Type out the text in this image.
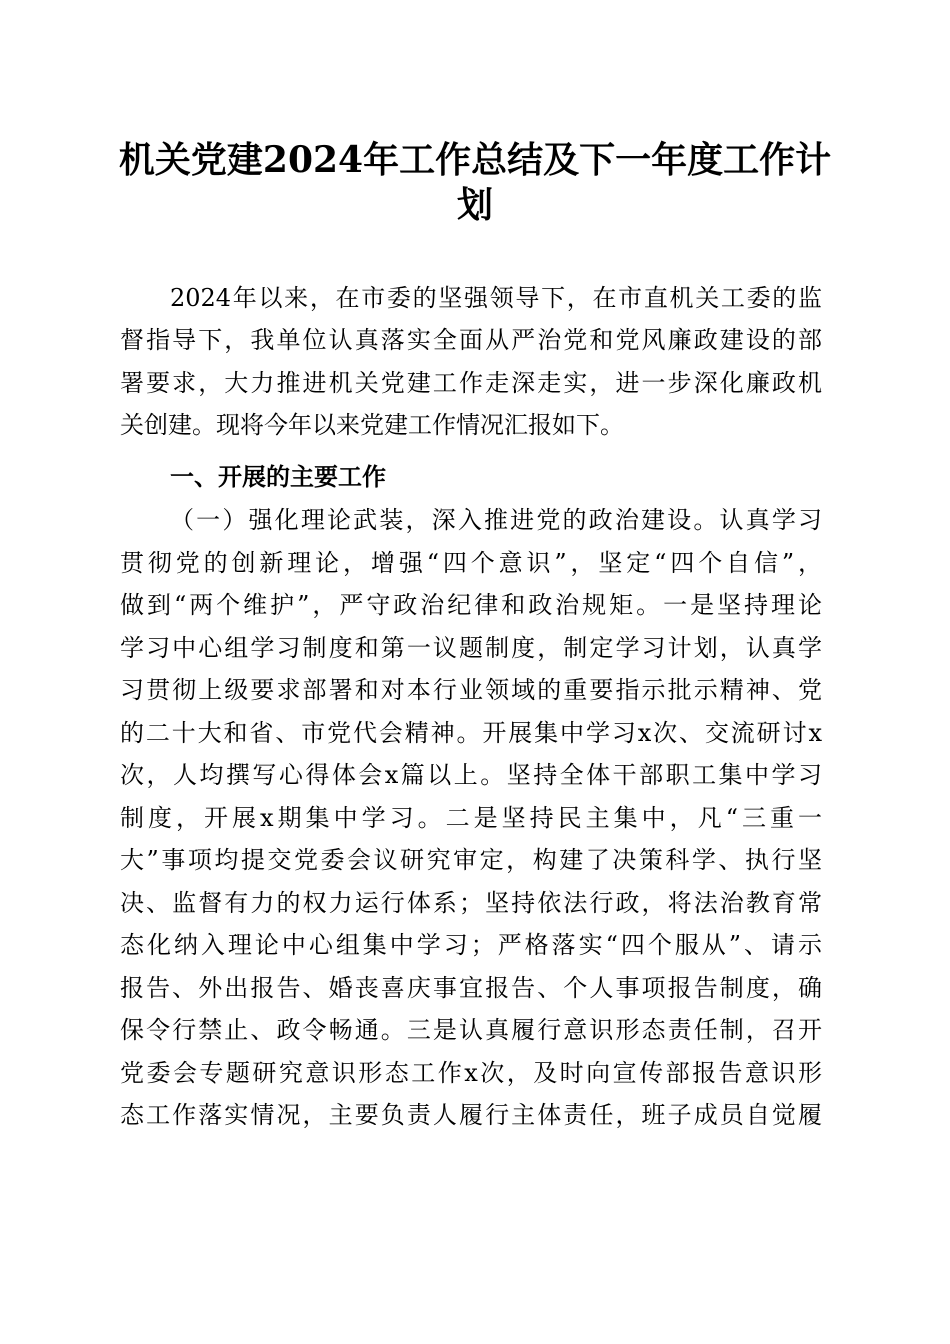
机关党建2024年工作总结及下一年度工作计
划
2024年以来，在市委的坚强领导下，在市直机关工委的监
督指导下，我单位认真落实全面从严治党和党风廉政建设的部
署要求，大力推进机关党建工作走深走实，进一步深化廉政机
关创建。现将今年以来党建工作情况汇报如下。
一、开展的主要工作
（一）强化理论武装，深入推进党的政治建设。认真学习
贯彻党的创新理论，增强“四个意识”，坚定“四个自信”，
做到“两个维护”，严守政治纪律和政治规矩。一是坚持理论
学习中心组学习制度和第一议题制度，制定学习计划，认真学
习贯彻上级要求部署和对本行业领域的重要指示批示精神、党
的二十大和省、市党代会精神。开展集中学习x次、交流研讨x
次，人均撰写心得体会x篇以上。坚持全体干部职工集中学习
制度，开展x期集中学习。二是坚持民主集中，凡“三重一
大”事项均提交党委会议研究审定，构建了决策科学、执行坚
决、监督有力的权力运行体系；坚持依法行政，将法治教育常
态化纳入理论中心组集中学习；严格落实“四个服从”、请示
报告、外出报告、婚丧喜庆事宜报告、个人事项报告制度，确
保令行禁止、政令畅通。三是认真履行意识形态责任制，召开
党委会专题研究意识形态工作x次，及时向宣传部报告意识形
态工作落实情况，主要负责人履行主体责任，班子成员自觉履
